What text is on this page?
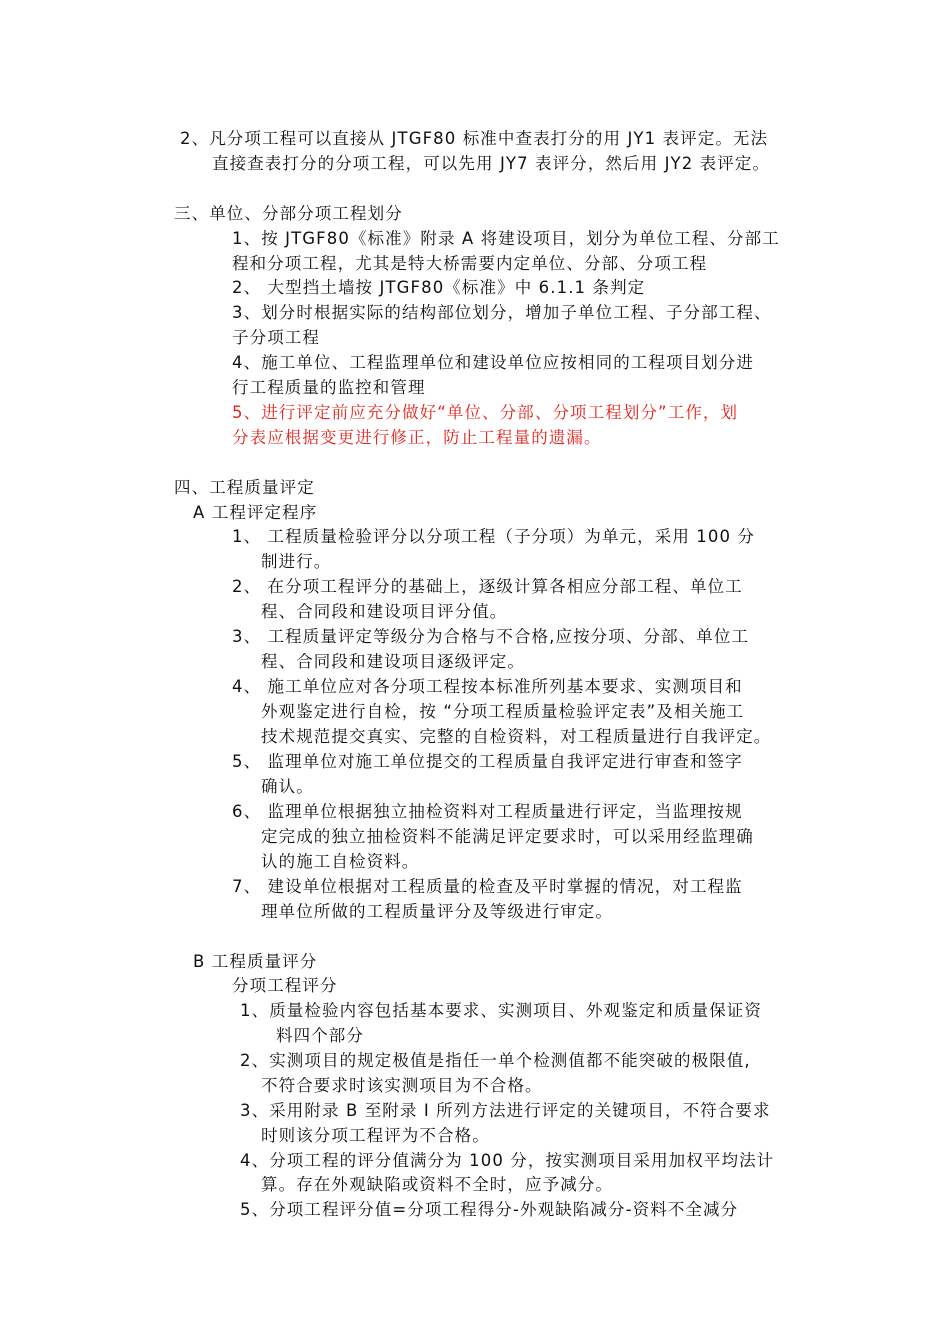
2、凡分项工程可以直接从 JTGF80 标准中查表打分的用 JY1 表评定。无法

直接查表打分的分项工程，可以先用 JY7 表评分，然后用 JY2 表评定。

三、单位、分部分项工程划分

1、按 JTGF80《标准》附录 A 将建设项目，划分为单位工程、分部工

程和分项工程，尤其是特大桥需要内定单位、分部、分项工程

2、 大型挡土墙按 JTGF80《标准》中 6.1.1 条判定

3、划分时根据实际的结构部位划分，增加子单位工程、子分部工程、

子分项工程

4、施工单位、工程监理单位和建设单位应按相同的工程项目划分进

行工程质量的监控和管理

5、进行评定前应充分做好“单位、分部、分项工程划分”工作，划

分表应根据变更进行修正，防止工程量的遗漏。

四、工程质量评定

A 工程评定程序

1、 工程质量检验评分以分项工程（子分项）为单元，采用 100 分

制进行。

2、 在分项工程评分的基础上，逐级计算各相应分部工程、单位工

程、合同段和建设项目评分值。

3、 工程质量评定等级分为合格与不合格,应按分项、分部、单位工

程、合同段和建设项目逐级评定。

4、 施工单位应对各分项工程按本标准所列基本要求、实测项目和

外观鉴定进行自检，按 “分项工程质量检验评定表”及相关施工

技术规范提交真实、完整的自检资料，对工程质量进行自我评定。

5、 监理单位对施工单位提交的工程质量自我评定进行审查和签字

确认。

6、 监理单位根据独立抽检资料对工程质量进行评定，当监理按规

定完成的独立抽检资料不能满足评定要求时，可以采用经监理确

认的施工自检资料。

7、 建设单位根据对工程质量的检查及平时掌握的情况，对工程监

理单位所做的工程质量评分及等级进行审定。

B 工程质量评分

分项工程评分

1、质量检验内容包括基本要求、实测项目、外观鉴定和质量保证资

料四个部分

2、实测项目的规定极值是指任一单个检测值都不能突破的极限值,

不符合要求时该实测项目为不合格。

3、采用附录 B 至附录 I 所列方法进行评定的关键项目，不符合要求

时则该分项工程评为不合格。

4、分项工程的评分值满分为 100 分，按实测项目采用加权平均法计

算。存在外观缺陷或资料不全时，应予减分。

5、分项工程评分值=分项工程得分-外观缺陷减分-资料不全减分
